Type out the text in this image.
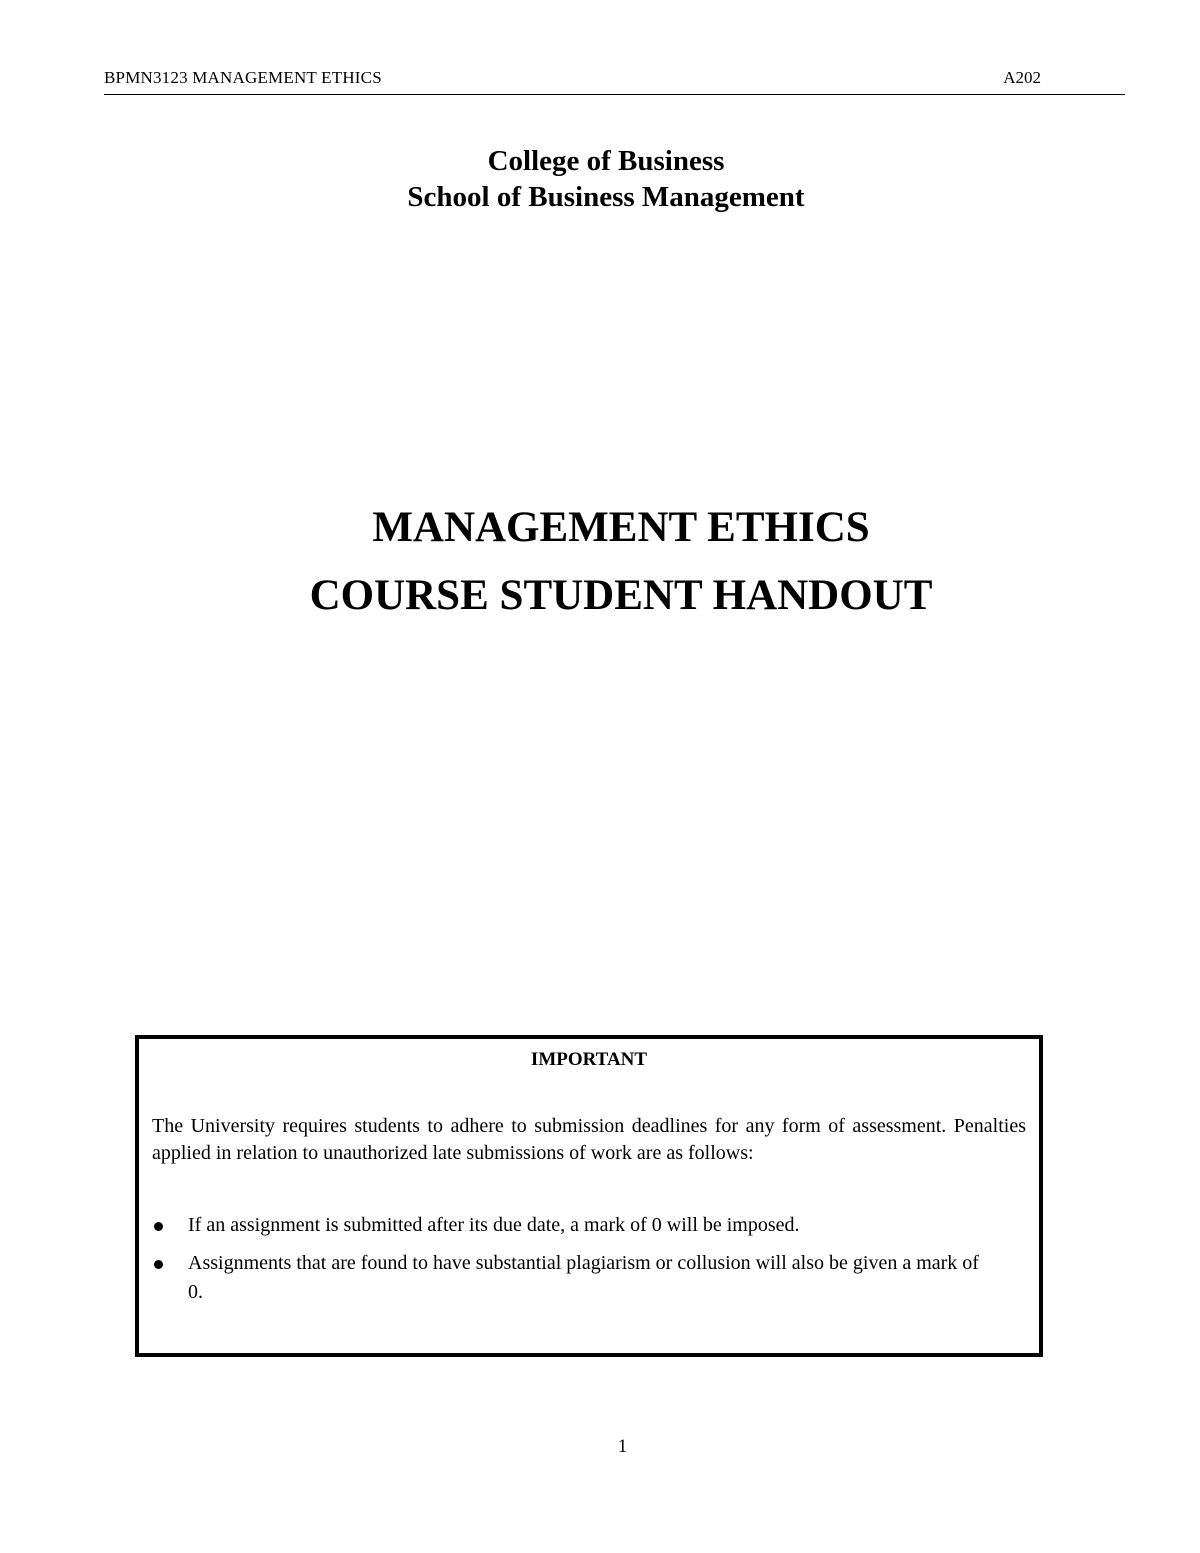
BPMN3123 MANAGEMENT ETHICS	A202
College of Business
School of Business Management
MANAGEMENT ETHICS
COURSE STUDENT HANDOUT
IMPORTANT
The University requires students to adhere to submission deadlines for any form of assessment. Penalties applied in relation to unauthorized late submissions of work are as follows:
If an assignment is submitted after its due date, a mark of 0 will be imposed.
Assignments that are found to have substantial plagiarism or collusion will also be given a mark of 0.
1
